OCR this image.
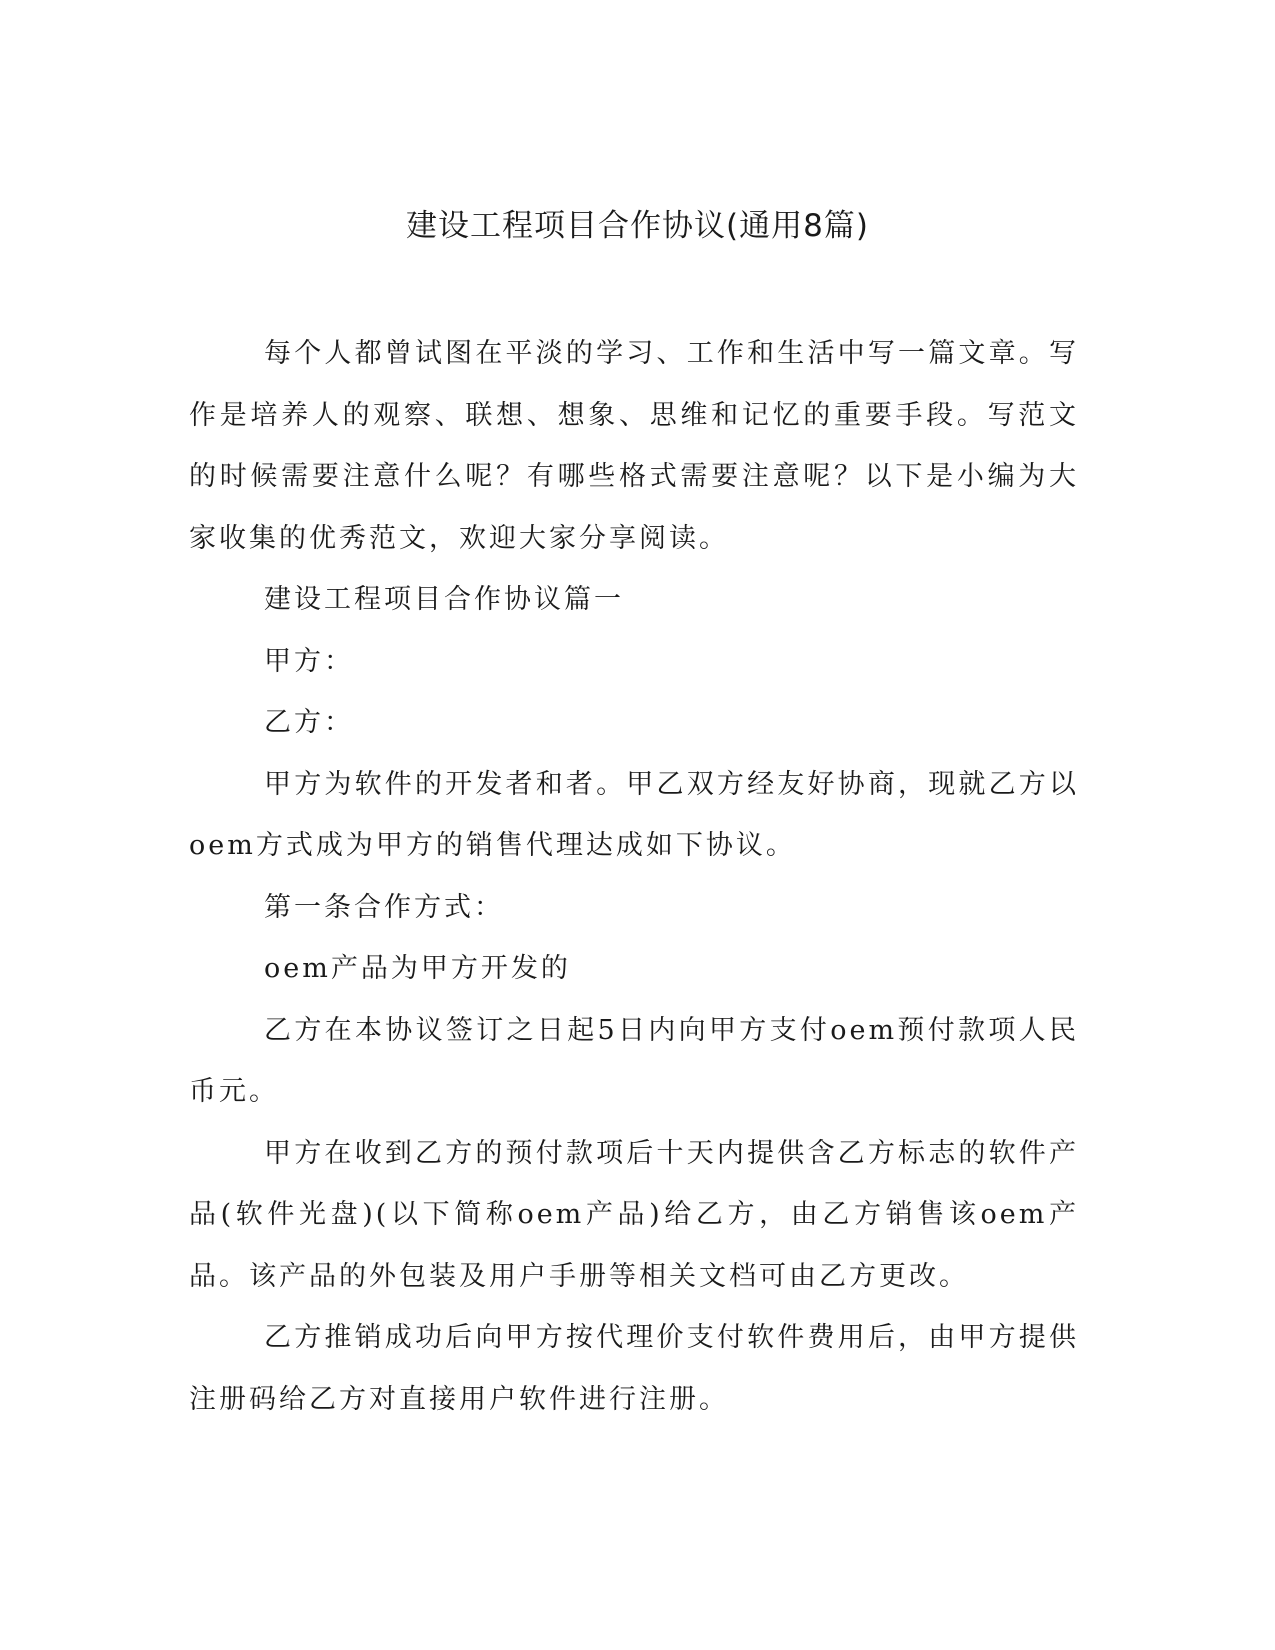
建设工程项目合作协议(通用8篇)

每个人都曾试图在平淡的学习、工作和生活中写一篇文章。写作是培养人的观察、联想、想象、思维和记忆的重要手段。写范文的时候需要注意什么呢？有哪些格式需要注意呢？以下是小编为大家收集的优秀范文，欢迎大家分享阅读。

建设工程项目合作协议篇一

甲方：

乙方：

甲方为软件的开发者和者。甲乙双方经友好协商，现就乙方以oem方式成为甲方的销售代理达成如下协议。

第一条合作方式：

oem产品为甲方开发的

乙方在本协议签订之日起5日内向甲方支付oem预付款项人民币元。

甲方在收到乙方的预付款项后十天内提供含乙方标志的软件产品(软件光盘)(以下简称oem产品)给乙方，由乙方销售该oem产品。该产品的外包装及用户手册等相关文档可由乙方更改。

乙方推销成功后向甲方按代理价支付软件费用后，由甲方提供注册码给乙方对直接用户软件进行注册。
